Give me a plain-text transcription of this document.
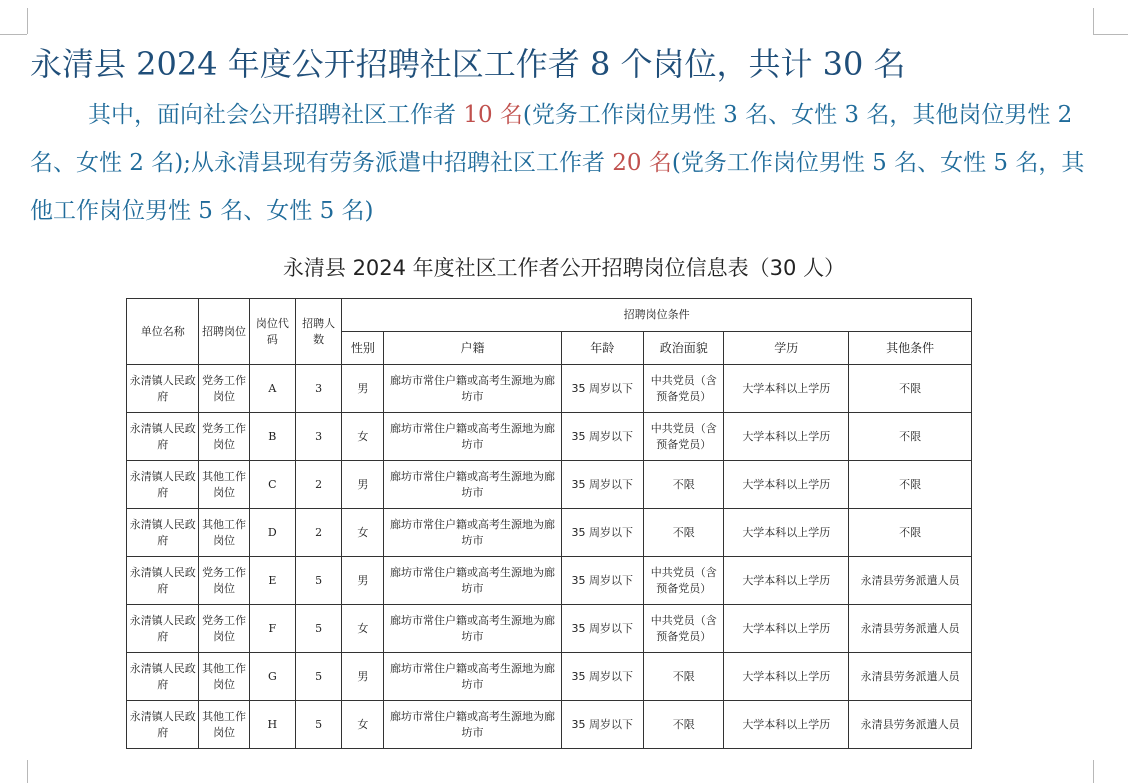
永清县 2024 年度公开招聘社区工作者 8 个岗位，共计 30 名
其中，面向社会公开招聘社区工作者 10 名(党务工作岗位男性 3 名、女性 3 名，其他岗位男性 2 名、女性 2 名);从永清县现有劳务派遣中招聘社区工作者 20 名(党务工作岗位男性 5 名、女性 5 名，其他工作岗位男性 5 名、女性 5 名)
永清县 2024 年度社区工作者公开招聘岗位信息表（30 人）
单位名称	招聘岗位	岗位代码	招聘人数	招聘岗位条件					
				性别	户籍	年龄	政治面貌	学历	其他条件
永清镇人民政府	党务工作岗位	A	3	男	廊坊市常住户籍或高考生源地为廊坊市	35 周岁以下	中共党员（含预备党员）	大学本科以上学历	不限
永清镇人民政府	党务工作岗位	B	3	女	廊坊市常住户籍或高考生源地为廊坊市	35 周岁以下	中共党员（含预备党员）	大学本科以上学历	不限
永清镇人民政府	其他工作岗位	C	2	男	廊坊市常住户籍或高考生源地为廊坊市	35 周岁以下	不限	大学本科以上学历	不限
永清镇人民政府	其他工作岗位	D	2	女	廊坊市常住户籍或高考生源地为廊坊市	35 周岁以下	不限	大学本科以上学历	不限
永清镇人民政府	党务工作岗位	E	5	男	廊坊市常住户籍或高考生源地为廊坊市	35 周岁以下	中共党员（含预备党员）	大学本科以上学历	永清县劳务派遣人员
永清镇人民政府	党务工作岗位	F	5	女	廊坊市常住户籍或高考生源地为廊坊市	35 周岁以下	中共党员（含预备党员）	大学本科以上学历	永清县劳务派遣人员
永清镇人民政府	其他工作岗位	G	5	男	廊坊市常住户籍或高考生源地为廊坊市	35 周岁以下	不限	大学本科以上学历	永清县劳务派遣人员
永清镇人民政府	其他工作岗位	H	5	女	廊坊市常住户籍或高考生源地为廊坊市	35 周岁以下	不限	大学本科以上学历	永清县劳务派遣人员
